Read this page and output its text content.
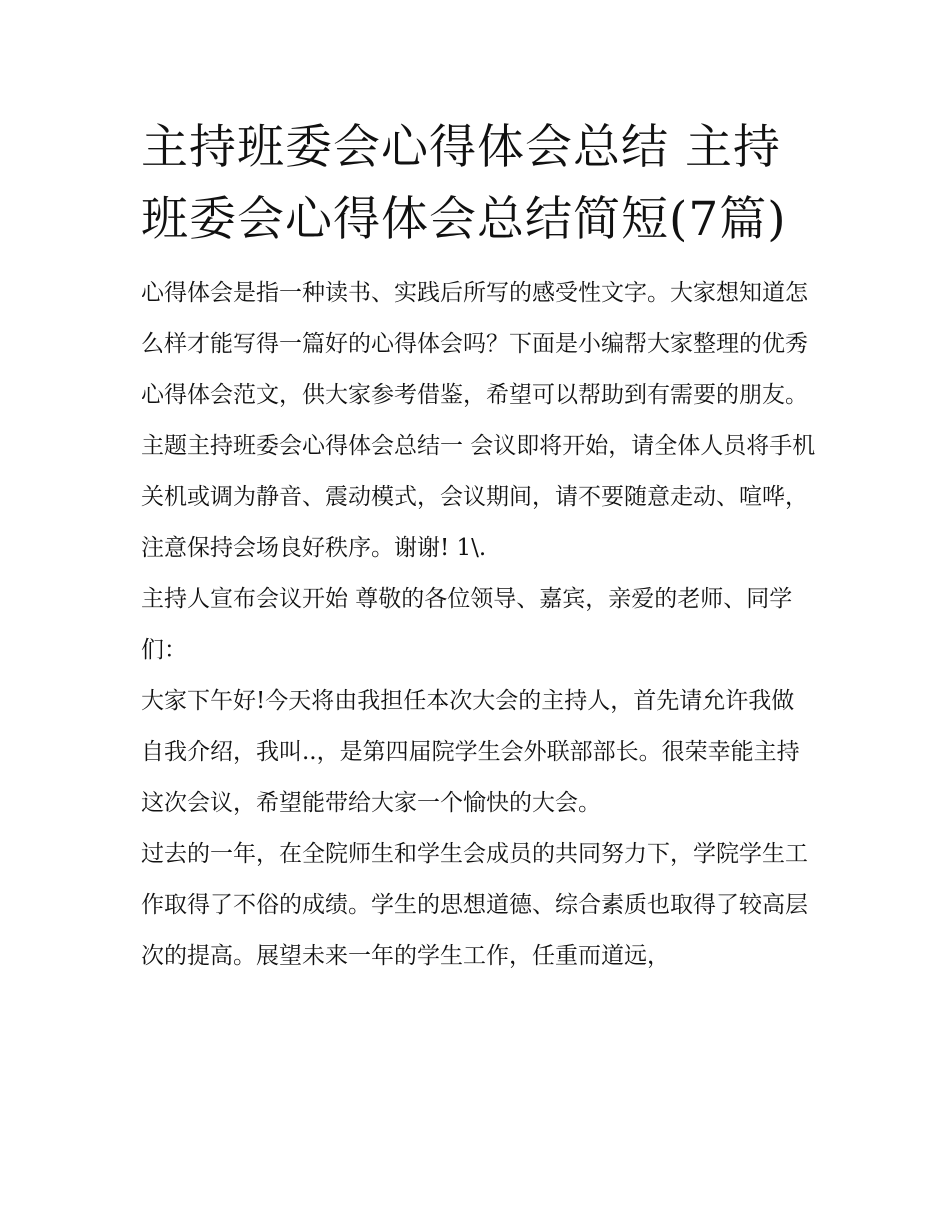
主持班委会心得体会总结 主持班委会心得体会总结简短(7篇)

心得体会是指一种读书、实践后所写的感受性文字。大家想知道怎么样才能写得一篇好的心得体会吗？下面是小编帮大家整理的优秀心得体会范文，供大家参考借鉴，希望可以帮助到有需要的朋友。

主题主持班委会心得体会总结一 会议即将开始，请全体人员将手机关机或调为静音、震动模式，会议期间，请不要随意走动、喧哗，注意保持会场良好秩序。谢谢! 1\.

主持人宣布会议开始 尊敬的各位领导、嘉宾，亲爱的老师、同学们：

大家下午好!今天将由我担任本次大会的主持人，首先请允许我做自我介绍，我叫..，是第四届院学生会外联部部长。很荣幸能主持这次会议，希望能带给大家一个愉快的大会。

过去的一年，在全院师生和学生会成员的共同努力下，学院学生工作取得了不俗的成绩。学生的思想道德、综合素质也取得了较高层次的提高。展望未来一年的学生工作，任重而道远，
